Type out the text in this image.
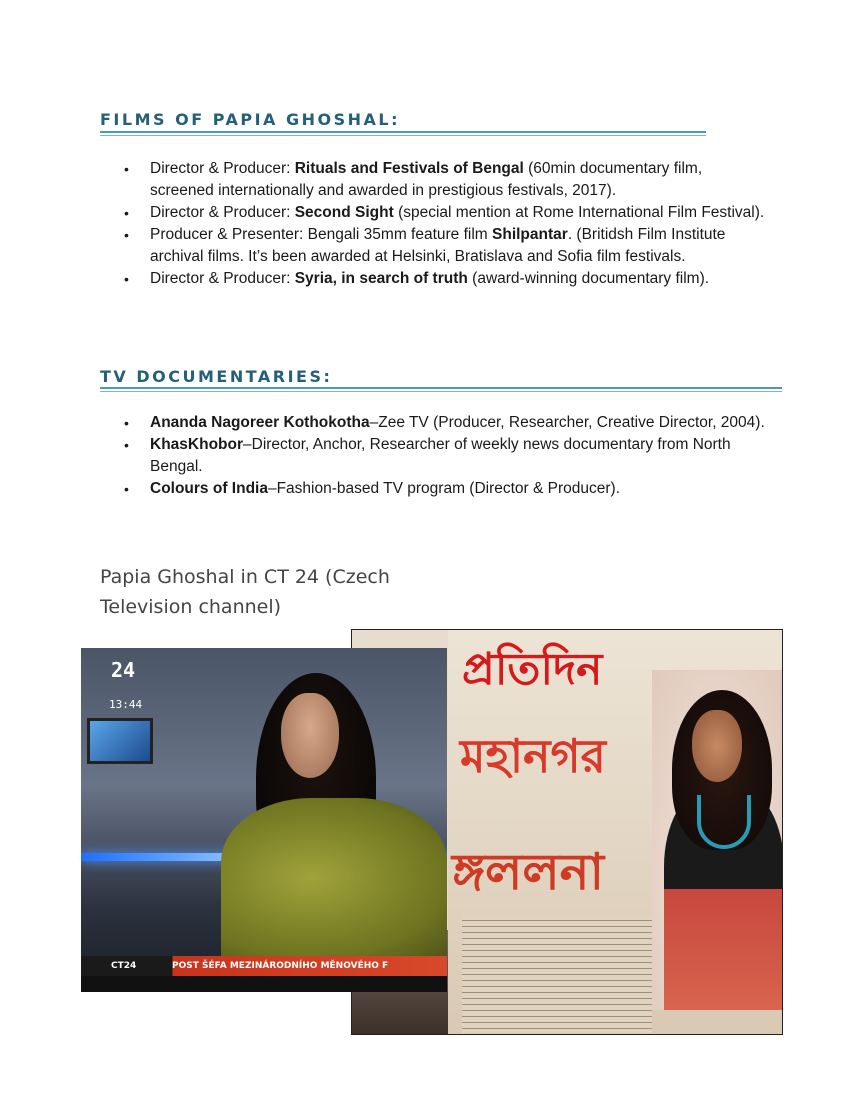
FILMS OF PAPIA GHOSHAL:
• Director & Producer: Rituals and Festivals of Bengal (60min documentary film, screened internationally and awarded in prestigious festivals, 2017).
• Director & Producer: Second Sight (special mention at Rome International Film Festival).
• Producer & Presenter: Bengali 35mm feature film Shilpantar. (Britidsh Film Institute archival films. It’s been awarded at Helsinki, Bratislava and Sofia film festivals.
• Director & Producer: Syria, in search of truth (award-winning documentary film).
TV DOCUMENTARIES:
• Ananda Nagoreer Kothokotha–Zee TV (Producer, Researcher, Creative Director, 2004).
• KhasKhobor–Director, Anchor, Researcher of weekly news documentary from North Bengal.
• Colours of India–Fashion-based TV program (Director & Producer).
Papia Ghoshal in CT 24 (Czech
Television channel)
প্রতিদিন
মহানগর
ঙ্গললনা
24
13:44
CT24	POST ŠÉFA MEZINÁRODNÍHO MĚNOVÉHO F
